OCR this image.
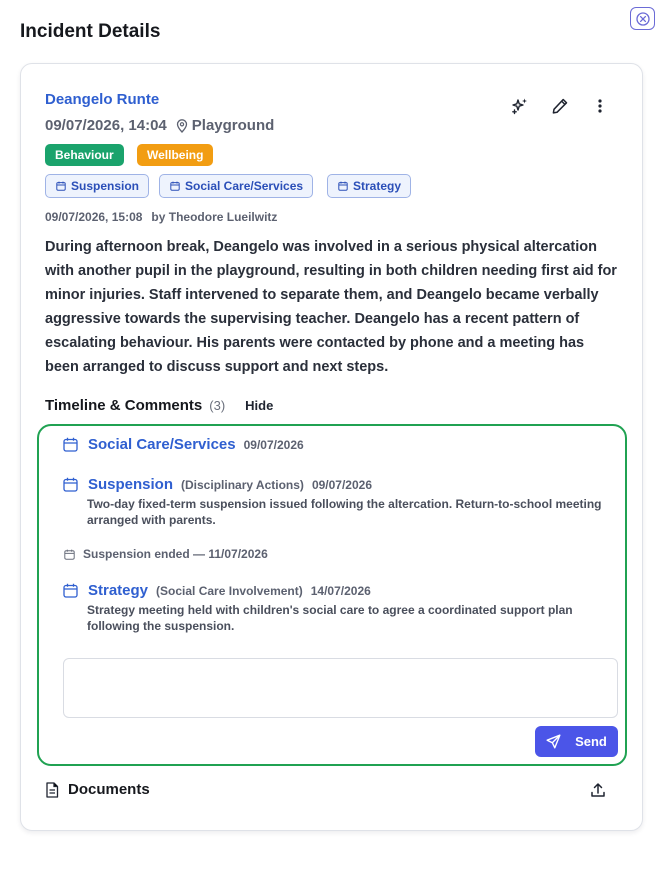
Incident Details
Deangelo Runte
09/07/2026, 14:04 Playground
Behaviour	Wellbeing
Suspension	Social Care/Services	Strategy
09/07/2026, 15:08 by Theodore Lueilwitz

During afternoon break, Deangelo was involved in a serious physical altercation with another pupil in the playground, resulting in both children needing first aid for minor injuries. Staff intervened to separate them, and Deangelo became verbally aggressive towards the supervising teacher. Deangelo has a recent pattern of escalating behaviour. His parents were contacted by phone and a meeting has been arranged to discuss support and next steps.

Timeline & Comments (3) Hide
Social Care/Services 09/07/2026
Suspension (Disciplinary Actions) 09/07/2026

Two-day fixed-term suspension issued following the altercation. Return-to-school meeting arranged with parents.

Suspension ended — 11/07/2026
Strategy (Social Care Involvement) 14/07/2026

Strategy meeting held with children's social care to agree a coordinated support plan following the suspension.

Send
Documents
